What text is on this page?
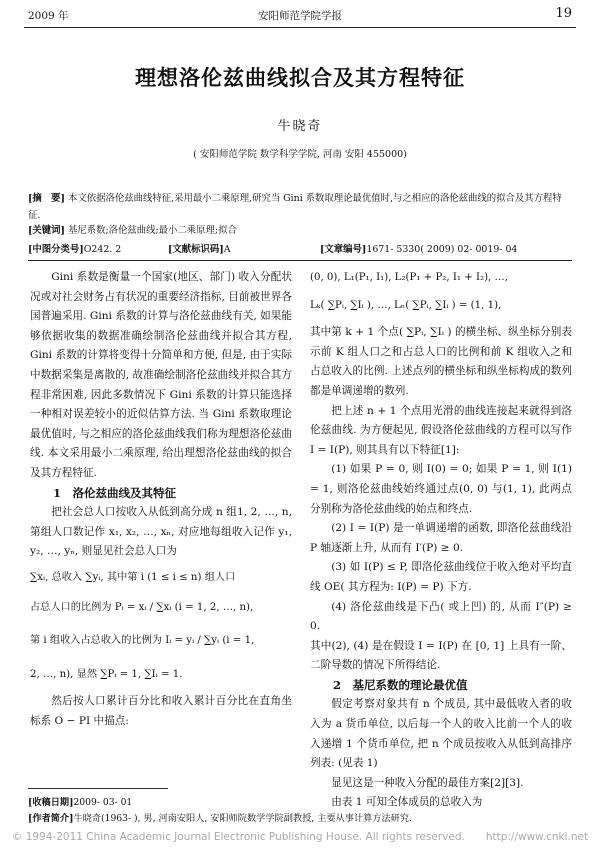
2009 年	安阳师范学院学报	19
理想洛伦兹曲线拟合及其方程特征
牛晓奇
( 安阳师范学院 数学科学学院, 河南 安阳 455000)
[摘　要] 本文依据洛伦兹曲线特征,采用最小二乘原理,研究当 Gini 系数取理论最优值时,与之相应的洛伦兹曲线的拟合及其方程特征.
[关键词] 基尼系数;洛伦兹曲线;最小二乘原理;拟合
[中图分类号]O242. 2	[文献标识码]A	[文章编号]1671- 5330( 2009) 02- 0019- 04

Gini 系数是衡量一个国家(地区、部门) 收入分配状况或对社会财务占有状况的重要经济指标, 目前被世界各国普遍采用. Gini 系数的计算与洛伦兹曲线有关, 如果能够依据收集的数据准确绘制洛伦兹曲线并拟合其方程, Gini 系数的计算将变得十分简单和方便, 但是, 由于实际中数据采集是离散的, 故准确绘制洛伦兹曲线并拟合其方程非常困难, 因此多数情况下 Gini 系数的计算只能选择一种相对误差较小的近似估算方法. 当 Gini 系数取理论最优值时, 与之相应的洛伦兹曲线我们称为理想洛伦兹曲线. 本文采用最小二乘原理, 给出理想洛伦兹曲线的拟合及其方程特征.

1　洛伦兹曲线及其特征

把社会总人口按收入从低到高分成 n 组1, 2, …, n, 第组人口数记作 x₁, x₂, …, xₙ, 对应地每组收入记作 y₁, y₂, …, yₙ, 则显见社会总人口为

∑xᵢ, 总收入 ∑yᵢ, 其中第 i (1 ≤ i ≤ n) 组人口

占总人口的比例为 Pᵢ = xᵢ / ∑xᵢ (i = 1, 2, …, n),

第 i 组收入占总收入的比例为 Iᵢ = yᵢ / ∑yᵢ (i = 1,

2, …, n), 显然 ∑Pᵢ = 1, ∑Iᵢ = 1.

然后按人口累计百分比和收入累计百分比在直角坐标系 O − PI 中描点:

(0, 0), L₁(P₁, I₁), L₂(P₁ + P₂, I₁ + I₂), …,

Lₖ( ∑Pᵢ, ∑Iᵢ ), …, Lₙ( ∑Pᵢ, ∑Iᵢ ) = (1, 1),

其中第 k + 1 个点( ∑Pᵢ, ∑Iᵢ ) 的横坐标、纵坐标分别表示前 K 组人口之和占总人口的比例和前 K 组收入之和占总收入的比例. 上述点列的横坐标和纵坐标构成的数列都是单调递增的数列.

把上述 n + 1 个点用光滑的曲线连接起来就得到洛伦兹曲线. 为方便起见, 假设洛伦兹曲线的方程可以写作 I = I(P), 则其具有以下特征[1]:

(1) 如果 P = 0, 则 I(0) = 0; 如果 P = 1, 则 I(1) = 1, 则洛伦兹曲线始终通过点(0, 0) 与(1, 1), 此两点分别称为洛伦兹曲线的始点和终点.

(2) I = I(P) 是一单调递增的函数, 即洛伦兹曲线沿 P 轴逐渐上升, 从而有 I′(P) ≥ 0.

(3) 如 I(P) ≤ P, 即洛伦兹曲线位于收入绝对平均直线 OE( 其方程为: I(P) = P) 下方.

(4) 洛伦兹曲线是下凸( 或上凹) 的, 从而 I″(P) ≥ 0.

其中(2), (4) 是在假设 I = I(P) 在 [0, 1] 上具有一阶、二阶导数的情况下所得结论.

2　基尼系数的理论最优值

假定考察对象共有 n 个成员, 其中最低收入者的收入为 a 货币单位, 以后每一个人的收入比前一个人的收入递增 1 个货币单位, 把 n 个成员按收入从低到高排序列表: (见表 1)

显见这是一种收入分配的最佳方案[2][3].

由表 1 可知全体成员的总收入为

[收稿日期]2009- 03- 01
[作者简介]牛晓奇(1963- ), 男, 河南安阳人, 安阳师院数学学院副教授, 主要从事计算方法研究.
© 1994-2011 China Academic Journal Electronic Publishing House. All rights reserved.　　http://www.cnki.net
